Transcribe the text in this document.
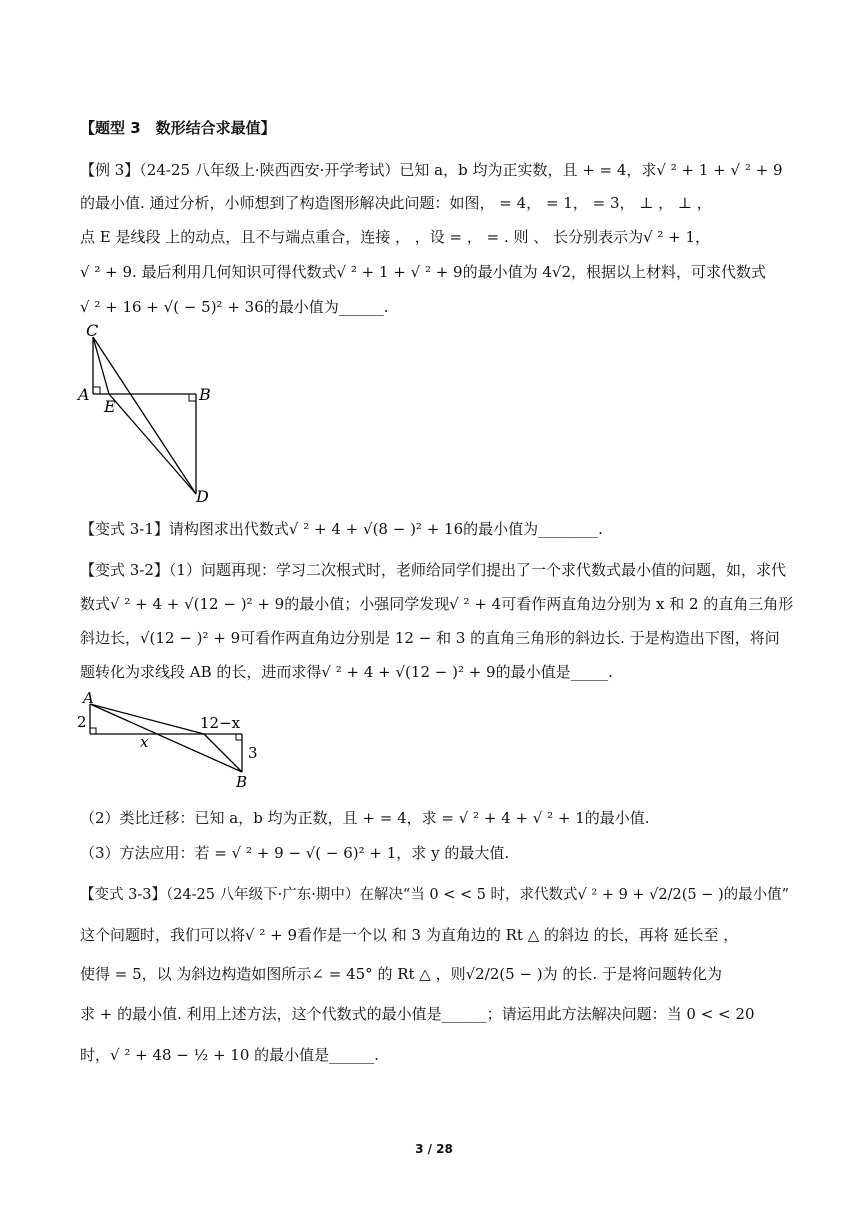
【题型 3　数形结合求最值】
【例 3】（24-25 八年级上·陕西西安·开学考试）已知 a，b 均为正实数，且 + = 4，求√ ² + 1 + √ ² + 9
的最小值. 通过分析，小师想到了构造图形解决此问题：如图， = 4， = 1， = 3， ⊥ ， ⊥ ，
点 E 是线段 上的动点，且不与端点重合，连接 ， ，设 = ， = . 则 、 长分别表示为√ ² + 1，
√ ² + 9. 最后利用几何知识可得代数式√ ² + 1 + √ ² + 9的最小值为 4√2，根据以上材料，可求代数式
√ ² + 16 + √( − 5)² + 36的最小值为______.
C
A
E
B
D
【变式 3-1】请构图求出代数式√ ² + 4 + √(8 − )² + 16的最小值为________.
【变式 3-2】（1）问题再现：学习二次根式时，老师给同学们提出了一个求代数式最小值的问题，如，求代
数式√ ² + 4 + √(12 − )² + 9的最小值；小强同学发现√ ² + 4可看作两直角边分别为 x 和 2 的直角三角形
斜边长，√(12 − )² + 9可看作两直角边分别是 12 − 和 3 的直角三角形的斜边长. 于是构造出下图，将问
题转化为求线段 AB 的长，进而求得√ ² + 4 + √(12 − )² + 9的最小值是_____.
A
2
x
12−x
3
B
（2）类比迁移：已知 a，b 均为正数，且 + = 4，求 = √ ² + 4 + √ ² + 1的最小值.
（3）方法应用：若 = √ ² + 9 − √( − 6)² + 1，求 y 的最大值.
【变式 3-3】（24-25 八年级下·广东·期中）在解决“当 0 < < 5 时，求代数式√ ² + 9 + √2/2(5 − )的最小值”
这个问题时，我们可以将√ ² + 9看作是一个以 和 3 为直角边的 Rt △ 的斜边 的长，再将 延长至 ，
使得 = 5，以 为斜边构造如图所示∠ = 45° 的 Rt △ ，则√2/2(5 − )为 的长. 于是将问题转化为
求 + 的最小值. 利用上述方法，这个代数式的最小值是______；请运用此方法解决问题：当 0 < < 20
时，√ ² + 48 − ½ + 10 的最小值是______.
3 / 28
